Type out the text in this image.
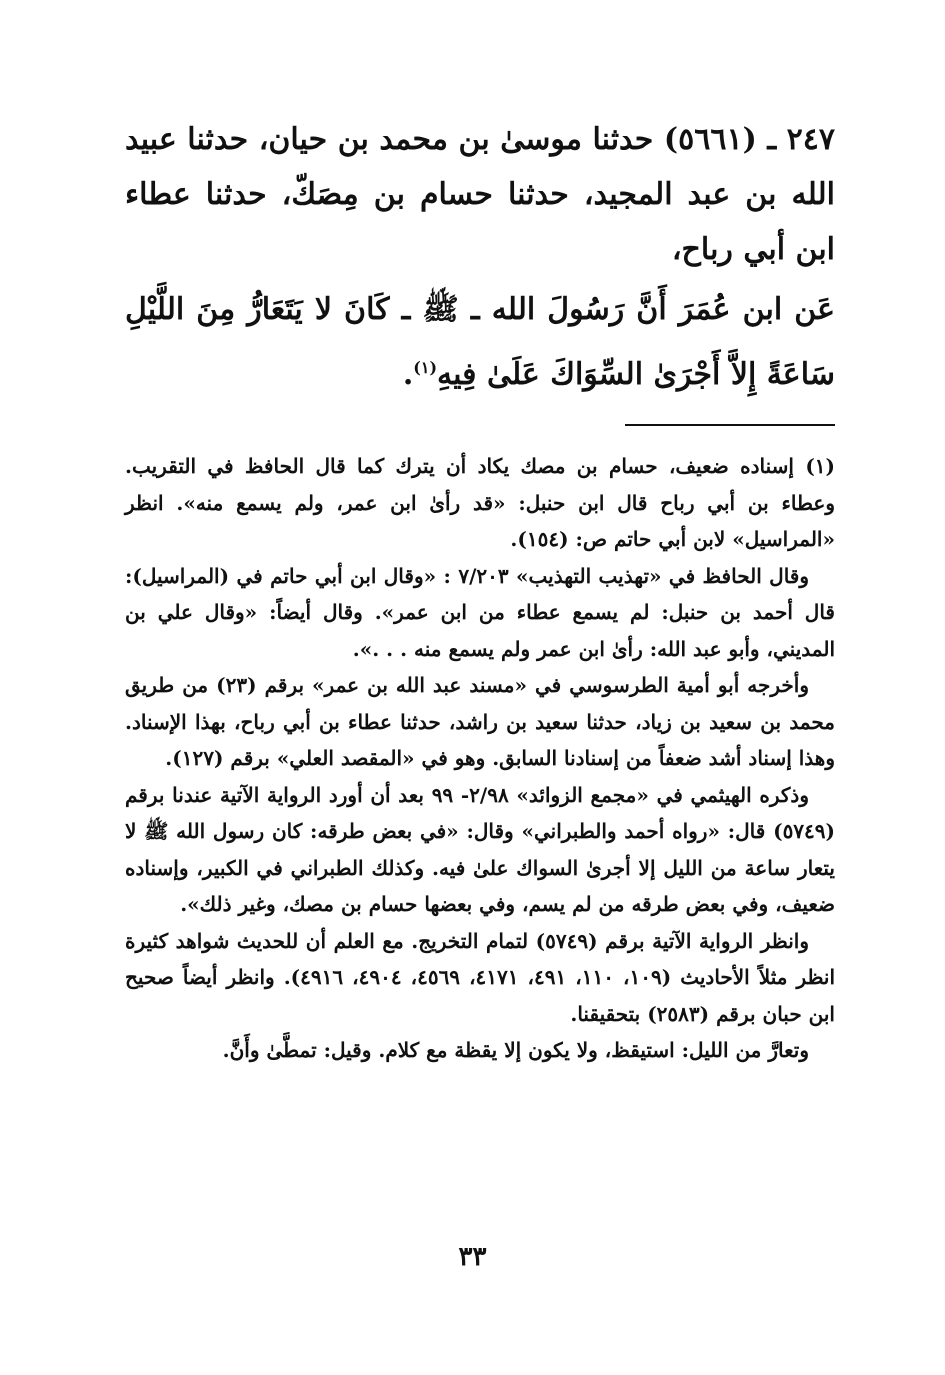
٢٤٧ ـ (٥٦٦١) حدثنا موسىٰ بن محمد بن حيان، حدثنا عبيد الله بن عبد المجيد، حدثنا حسام بن مِصَكّ، حدثنا عطاء ابن أبي رباح،

عَن ابن عُمَرَ أَنَّ رَسُولَ الله ـ ﷺ ـ كَانَ لا يَتَعَارُّ مِنَ اللَّيْلِ سَاعَةً إِلاَّ أَجْرَىٰ السِّوَاكَ عَلَىٰ فِيهِ$^{(١)}$.

(١) إسناده ضعيف، حسام بن مصك يكاد أن يترك كما قال الحافظ في التقريب. وعطاء بن أبي رباح قال ابن حنبل: «قد رأىٰ ابن عمر، ولم يسمع منه». انظر «المراسيل» لابن أبي حاتم ص: (١٥٤).

وقال الحافظ في «تهذيب التهذيب» ٧/٢٠٣ : «وقال ابن أبي حاتم في (المراسيل): قال أحمد بن حنبل: لم يسمع عطاء من ابن عمر». وقال أيضاً: «وقال علي بن المديني، وأبو عبد الله: رأىٰ ابن عمر ولم يسمع منه . . .».

وأخرجه أبو أمية الطرسوسي في «مسند عبد الله بن عمر» برقم (٢٣) من طريق محمد بن سعيد بن زياد، حدثنا سعيد بن راشد، حدثنا عطاء بن أبي رباح، بهذا الإسناد. وهذا إسناد أشد ضعفاً من إسنادنا السابق. وهو في «المقصد العلي» برقم (١٢٧).

وذكره الهيثمي في «مجمع الزوائد» ٢/٩٨- ٩٩ بعد أن أورد الرواية الآتية عندنا برقم (٥٧٤٩) قال: «رواه أحمد والطبراني» وقال: «في بعض طرقه: كان رسول الله ﷺ لا يتعار ساعة من الليل إلا أجرىٰ السواك علىٰ فيه. وكذلك الطبراني في الكبير، وإسناده ضعيف، وفي بعض طرقه من لم يسم، وفي بعضها حسام بن مصك، وغير ذلك».

وانظر الرواية الآتية برقم (٥٧٤٩) لتمام التخريج. مع العلم أن للحديث شواهد كثيرة انظر مثلاً الأحاديث (١٠٩، ١١٠، ٤٩١، ٤١٧١، ٤٥٦٩، ٤٩٠٤، ٤٩١٦). وانظر أيضاً صحيح ابن حبان برقم (٢٥٨٣) بتحقيقنا.

وتعارَّ من الليل: استيقظ، ولا يكون إلا يقظة مع كلام. وقيل: تمطَّىٰ وأَنَّ.

٣٣
